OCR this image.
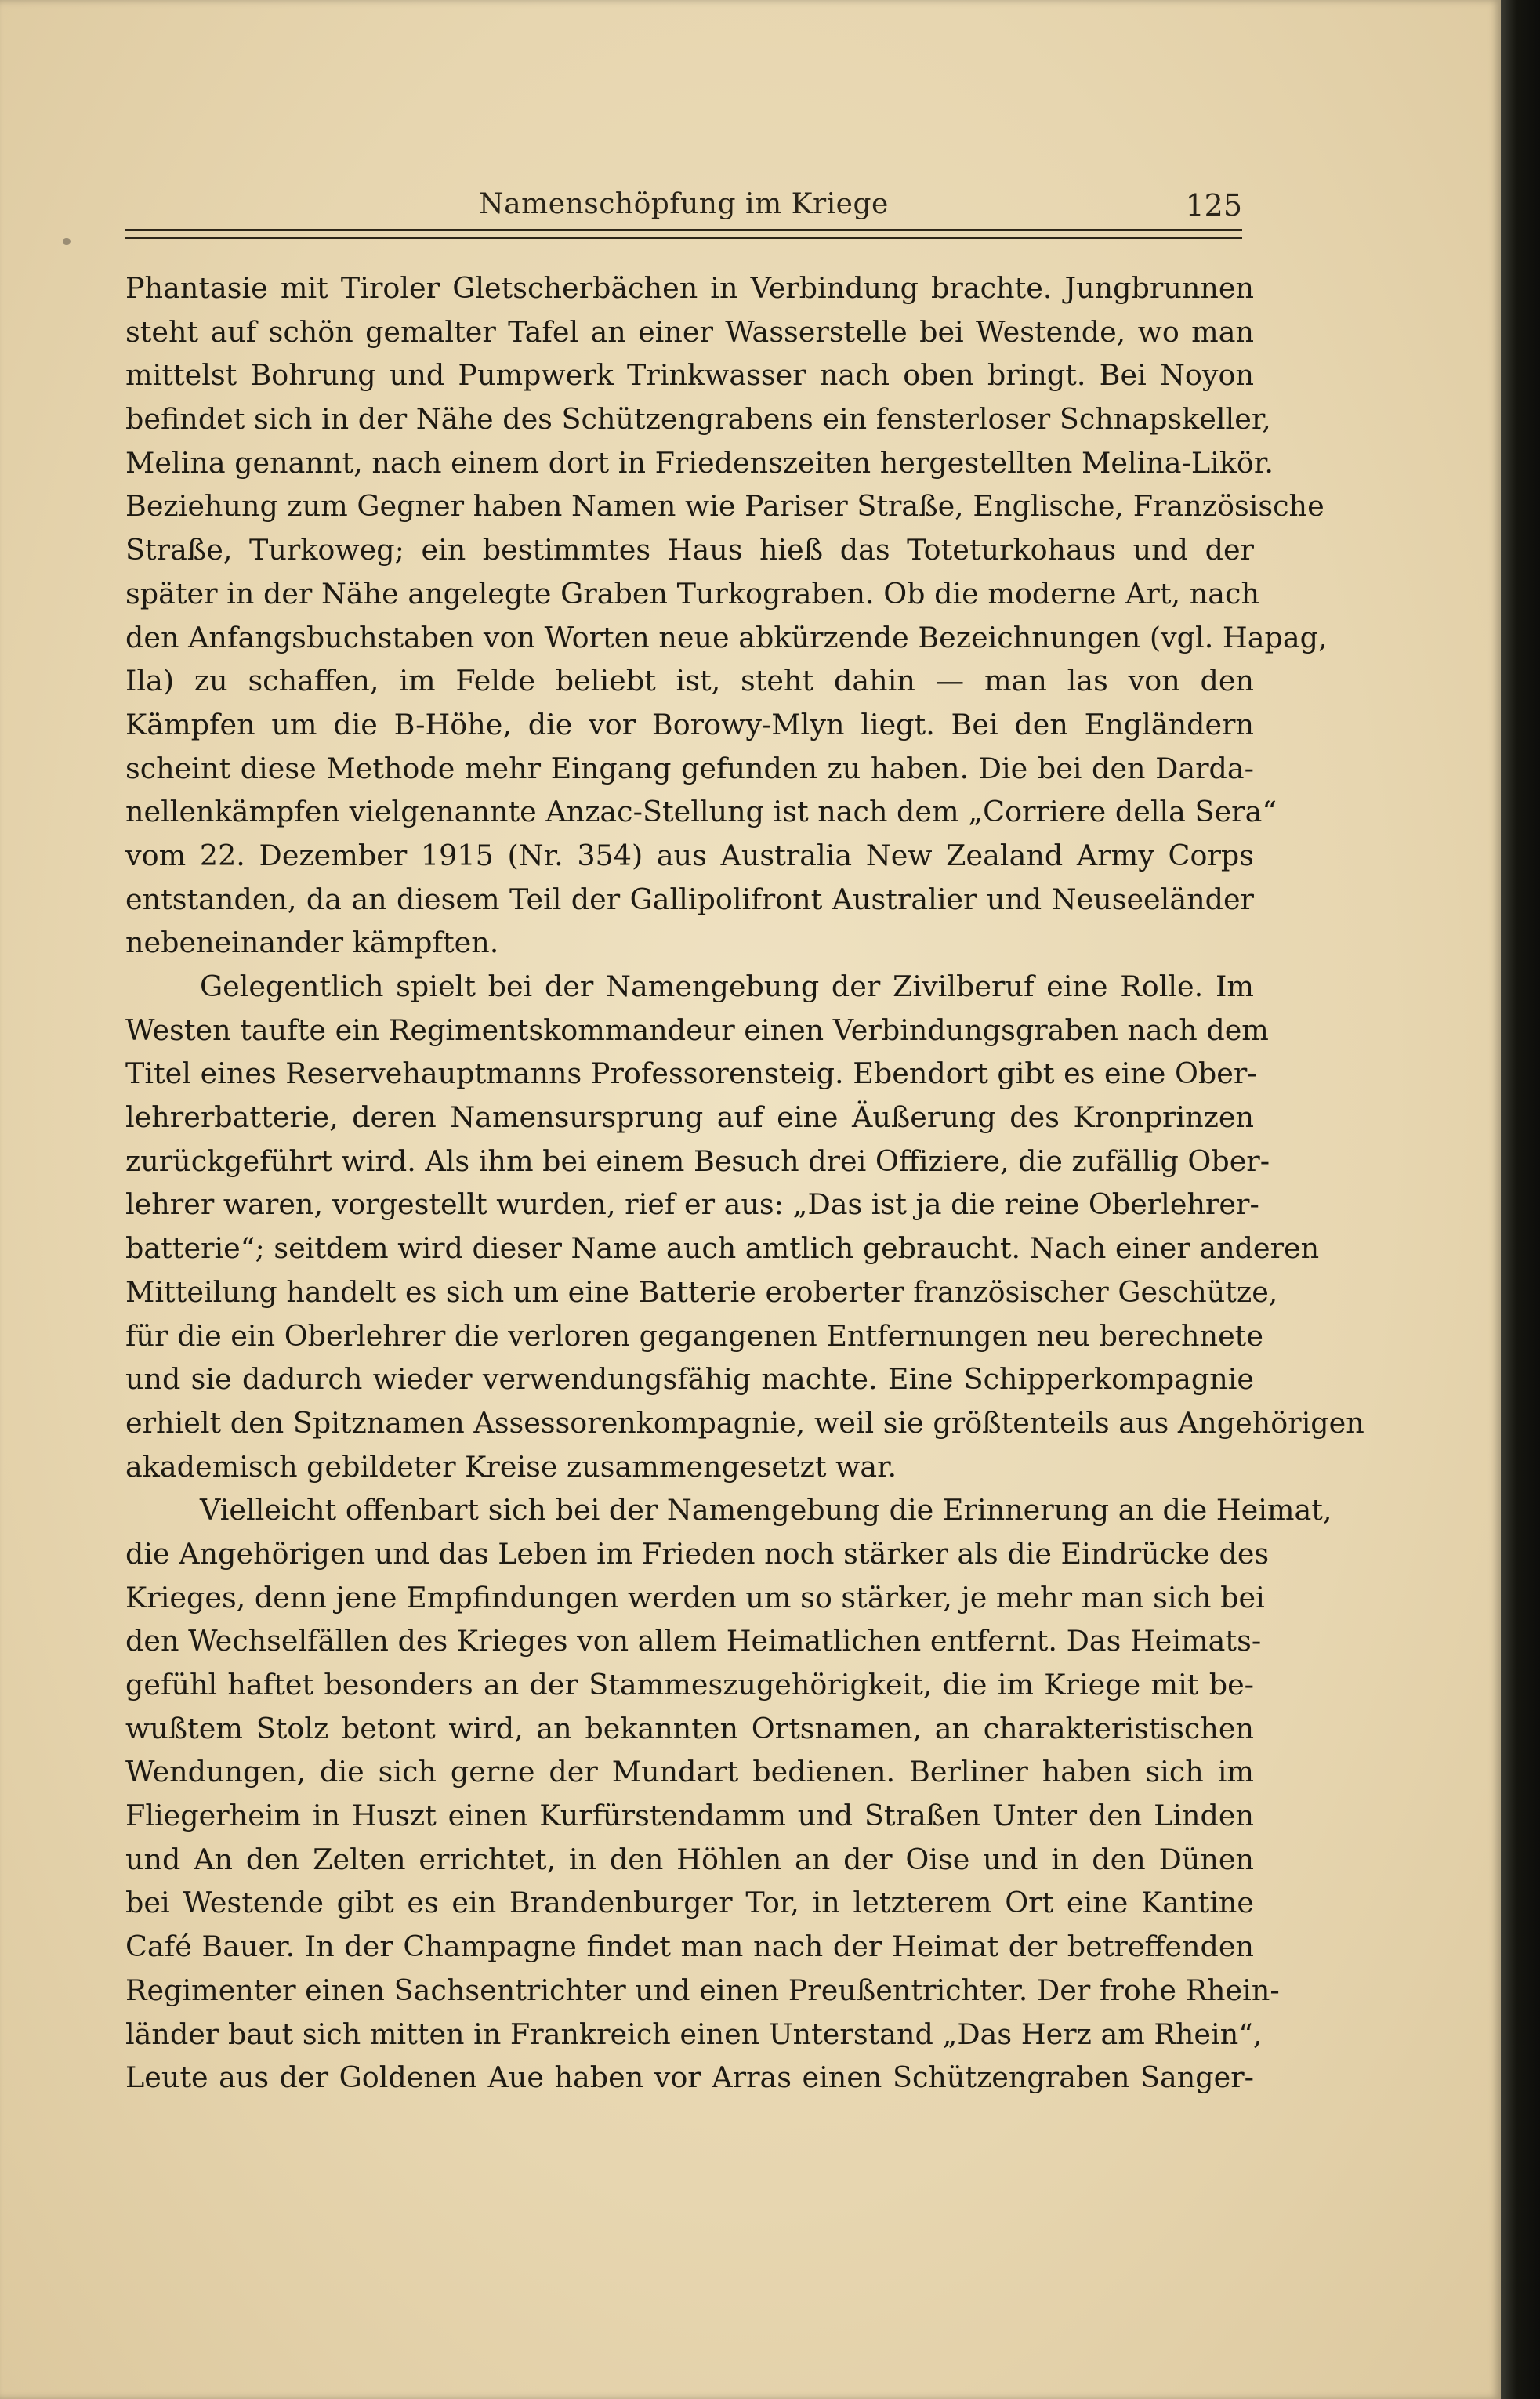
Namenschöpfung im Kriege	125
Phantasie mit Tiroler Gletscherbächen in Verbindung brachte. Jungbrunnen
steht auf schön gemalter Tafel an einer Wasserstelle bei Westende, wo man
mittelst Bohrung und Pumpwerk Trinkwasser nach oben bringt. Bei Noyon
befindet sich in der Nähe des Schützengrabens ein fensterloser Schnapskeller,
Melina genannt, nach einem dort in Friedenszeiten hergestellten Melina-Likör.
Beziehung zum Gegner haben Namen wie Pariser Straße, Englische, Französische
Straße, Turkoweg; ein bestimmtes Haus hieß das Toteturkohaus und der
später in der Nähe angelegte Graben Turkograben. Ob die moderne Art, nach
den Anfangsbuchstaben von Worten neue abkürzende Bezeichnungen (vgl. Hapag,
Ila) zu schaffen, im Felde beliebt ist, steht dahin — man las von den
Kämpfen um die B-Höhe, die vor Borowy-Mlyn liegt. Bei den Engländern
scheint diese Methode mehr Eingang gefunden zu haben. Die bei den Darda-
nellenkämpfen vielgenannte Anzac-Stellung ist nach dem „Corriere della Sera“
vom 22. Dezember 1915 (Nr. 354) aus Australia New Zealand Army Corps
entstanden, da an diesem Teil der Gallipolifront Australier und Neuseeländer
nebeneinander kämpften.
Gelegentlich spielt bei der Namengebung der Zivilberuf eine Rolle. Im
Westen taufte ein Regimentskommandeur einen Verbindungsgraben nach dem
Titel eines Reservehauptmanns Professorensteig. Ebendort gibt es eine Ober-
lehrerbatterie, deren Namensursprung auf eine Äußerung des Kronprinzen
zurückgeführt wird. Als ihm bei einem Besuch drei Offiziere, die zufällig Ober-
lehrer waren, vorgestellt wurden, rief er aus: „Das ist ja die reine Oberlehrer-
batterie“; seitdem wird dieser Name auch amtlich gebraucht. Nach einer anderen
Mitteilung handelt es sich um eine Batterie eroberter französischer Geschütze,
für die ein Oberlehrer die verloren gegangenen Entfernungen neu berechnete
und sie dadurch wieder verwendungsfähig machte. Eine Schipperkompagnie
erhielt den Spitznamen Assessorenkompagnie, weil sie größtenteils aus Angehörigen
akademisch gebildeter Kreise zusammengesetzt war.
Vielleicht offenbart sich bei der Namengebung die Erinnerung an die Heimat,
die Angehörigen und das Leben im Frieden noch stärker als die Eindrücke des
Krieges, denn jene Empfindungen werden um so stärker, je mehr man sich bei
den Wechselfällen des Krieges von allem Heimatlichen entfernt. Das Heimats-
gefühl haftet besonders an der Stammeszugehörigkeit, die im Kriege mit be-
wußtem Stolz betont wird, an bekannten Ortsnamen, an charakteristischen
Wendungen, die sich gerne der Mundart bedienen. Berliner haben sich im
Fliegerheim in Huszt einen Kurfürstendamm und Straßen Unter den Linden
und An den Zelten errichtet, in den Höhlen an der Oise und in den Dünen
bei Westende gibt es ein Brandenburger Tor, in letzterem Ort eine Kantine
Café Bauer. In der Champagne findet man nach der Heimat der betreffenden
Regimenter einen Sachsentrichter und einen Preußentrichter. Der frohe Rhein-
länder baut sich mitten in Frankreich einen Unterstand „Das Herz am Rhein“,
Leute aus der Goldenen Aue haben vor Arras einen Schützengraben Sanger-
